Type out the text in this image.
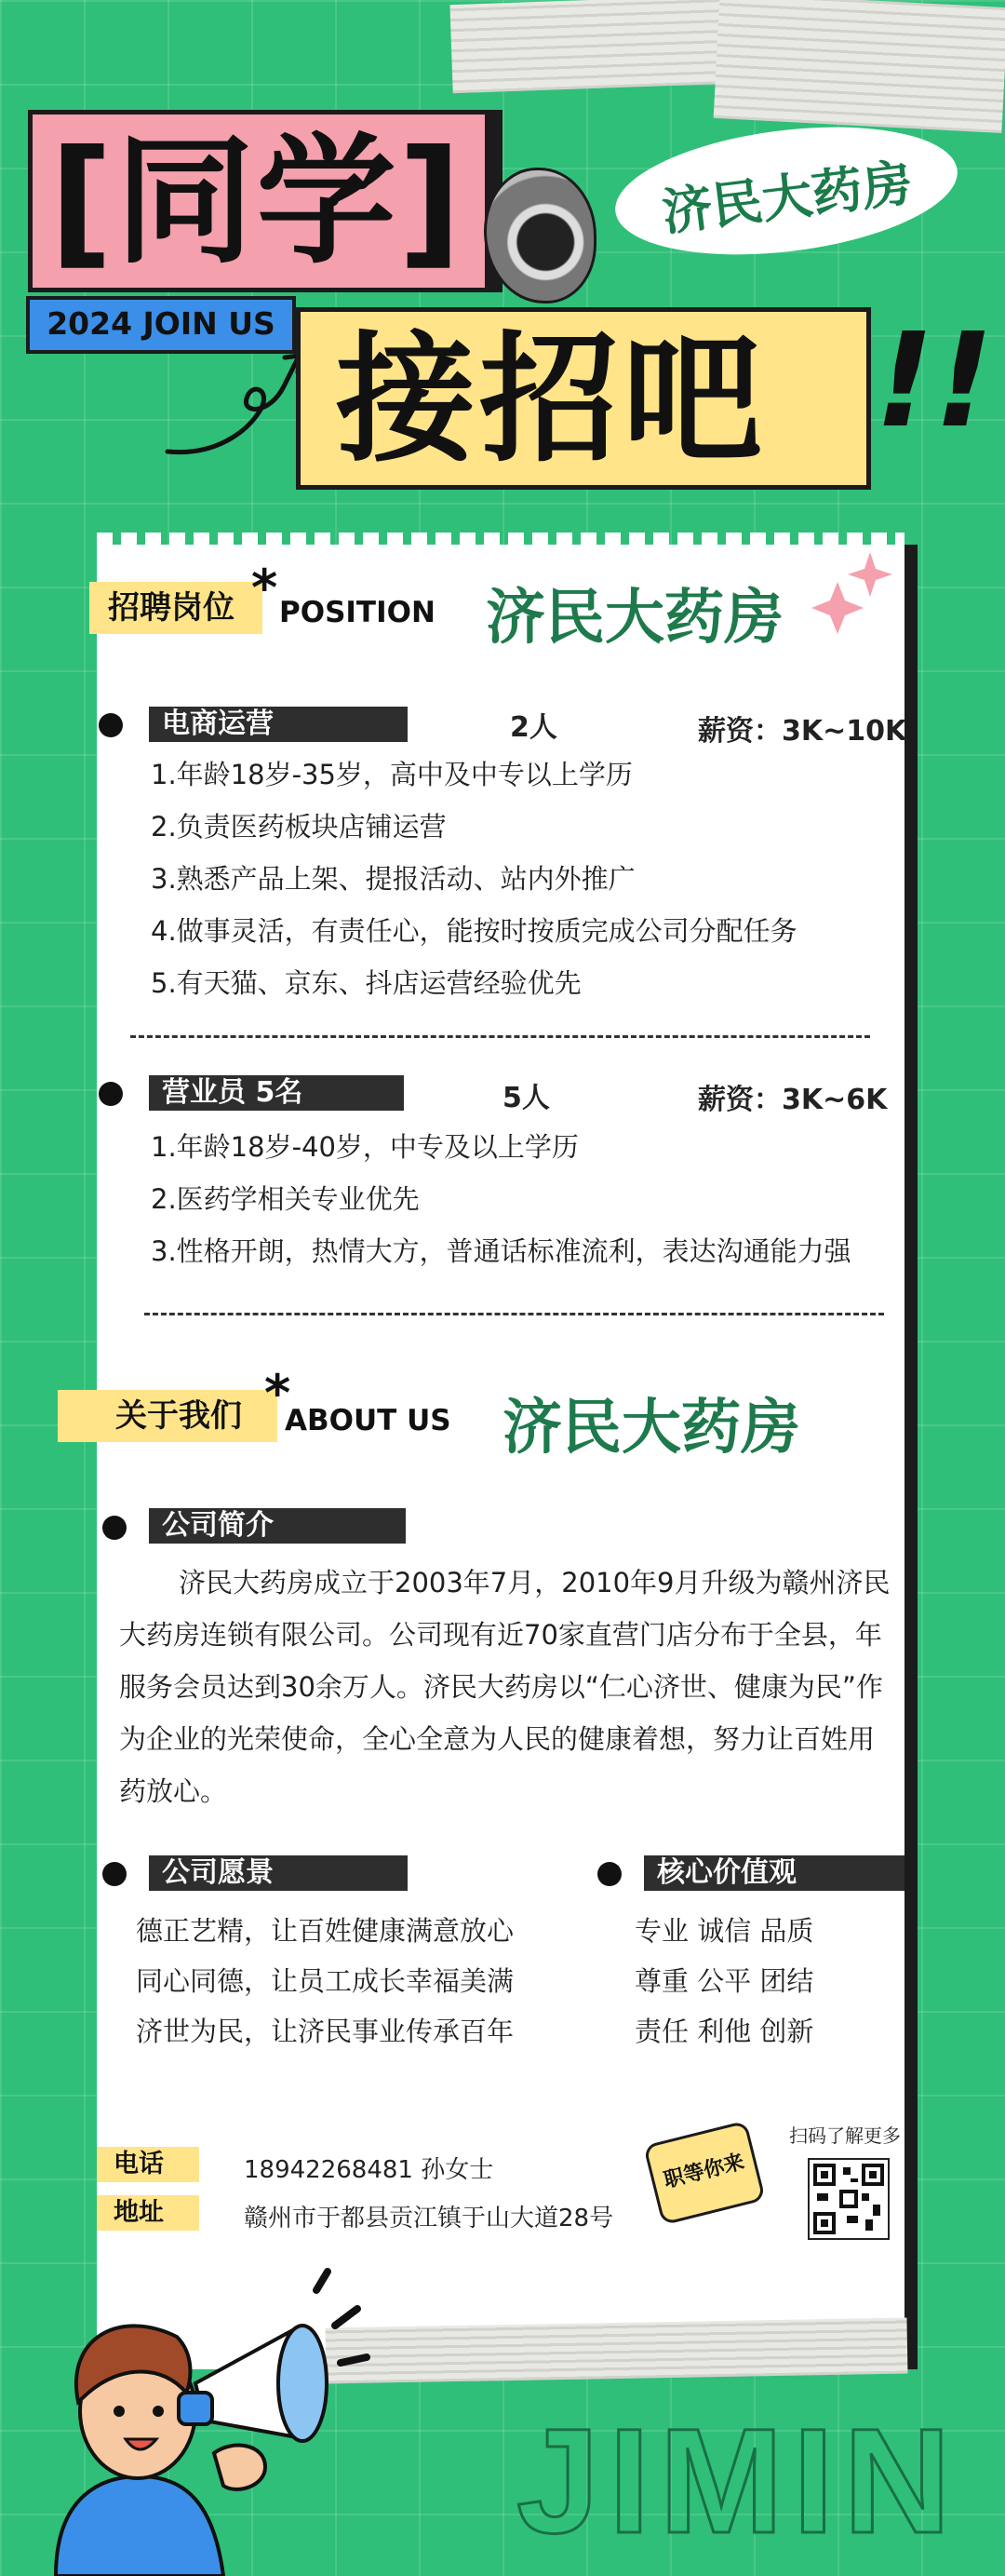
[同学]
2024 JOIN US
济民大药房
接招吧 !!
招聘岗位 * POSITION 济民大药房
电商运营	2人	薪资：3K~10K
1.年龄18岁-35岁，高中及中专以上学历
2.负责医药板块店铺运营
3.熟悉产品上架、提报活动、站内外推广
4.做事灵活，有责任心，能按时按质完成公司分配任务
5.有天猫、京东、抖店运营经验优先
营业员 5名	5人	薪资：3K~6K
1.年龄18岁-40岁，中专及以上学历
2.医药学相关专业优先
3.性格开朗，热情大方，普通话标准流利，表达沟通能力强
关于我们 *
ABOUT US 济民大药房
公司简介
济民大药房成立于2003年7月，2010年9月升级为赣州济民大药房连锁有限公司。公司现有近70家直营门店分布于全县，年服务会员达到30余万人。济民大药房以“仁心济世、健康为民”作为企业的光荣使命，全心全意为人民的健康着想，努力让百姓用药放心。
公司愿景
德正艺精，让百姓健康满意放心
同心同德，让员工成长幸福美满
济世为民，让济民事业传承百年
核心价值观
专业 诚信 品质
尊重 公平 团结
责任 利他 创新
电话	18942268481 孙女士
地址	赣州市于都县贡江镇于山大道28号
职等你来
扫码了解更多
JIMIN
